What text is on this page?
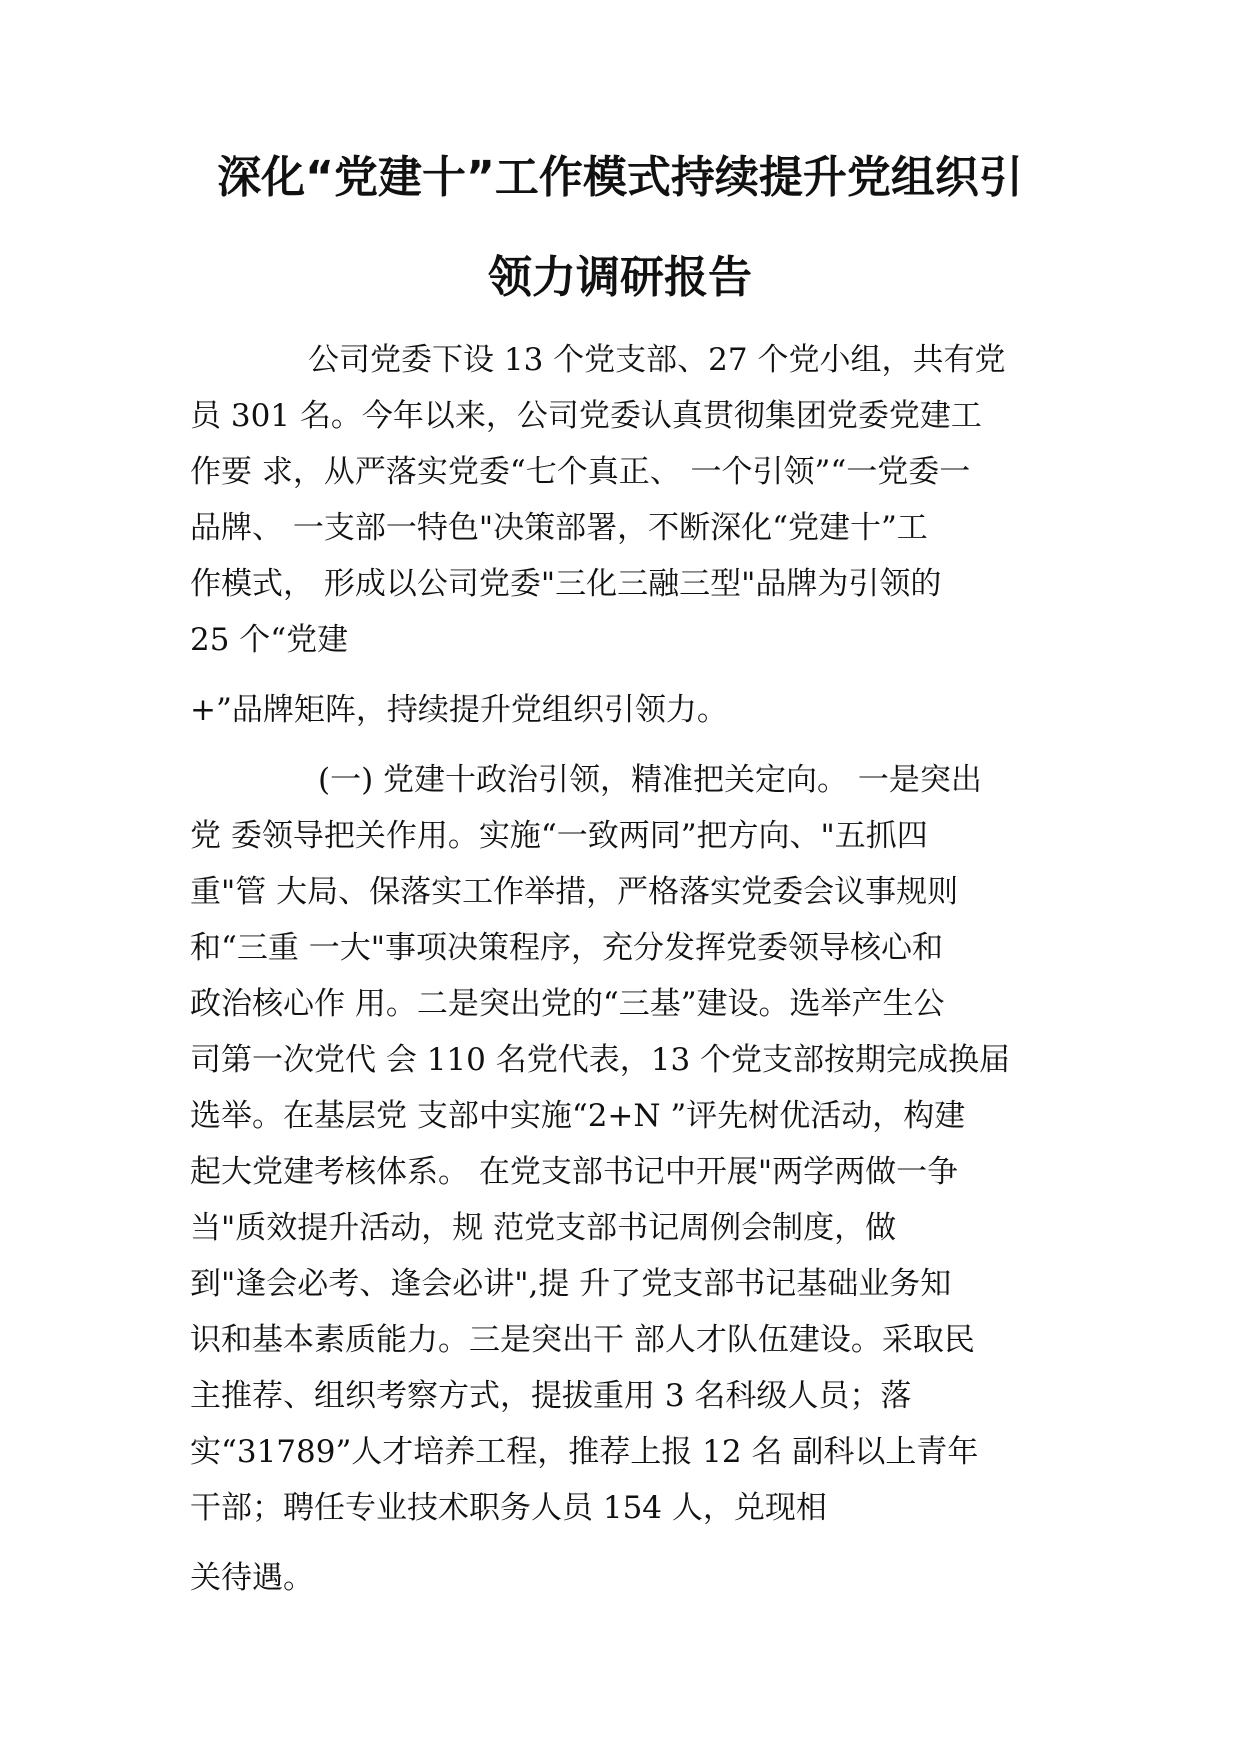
深化“党建十”工作模式持续提升党组织引
领力调研报告

公司党委下设 13 个党支部、27 个党小组，共有党

员 301 名。今年以来，公司党委认真贯彻集团党委党建工

作要 求，从严落实党委“七个真正、 一个引领”“一党委一

品牌、 一支部一特色"决策部署，不断深化“党建十”工

作模式， 形成以公司党委"三化三融三型"品牌为引领的

25 个“党建

+”品牌矩阵，持续提升党组织引领力。

(一) 党建十政治引领，精准把关定向。 一是突出

党 委领导把关作用。实施“一致两同”把方向、"五抓四

重"管 大局、保落实工作举措，严格落实党委会议事规则

和“三重 一大"事项决策程序，充分发挥党委领导核心和

政治核心作 用。二是突出党的“三基”建设。选举产生公

司第一次党代 会 110 名党代表，13 个党支部按期完成换届

选举。在基层党 支部中实施“2+N ”评先树优活动，构建

起大党建考核体系。 在党支部书记中开展"两学两做一争

当"质效提升活动，规 范党支部书记周例会制度，做

到"逢会必考、逢会必讲",提 升了党支部书记基础业务知

识和基本素质能力。三是突出干 部人才队伍建设。采取民

主推荐、组织考察方式，提拔重用 3 名科级人员；落

实“31789”人才培养工程，推荐上报 12 名 副科以上青年

干部；聘任专业技术职务人员 154 人，兑现相

关待遇。
